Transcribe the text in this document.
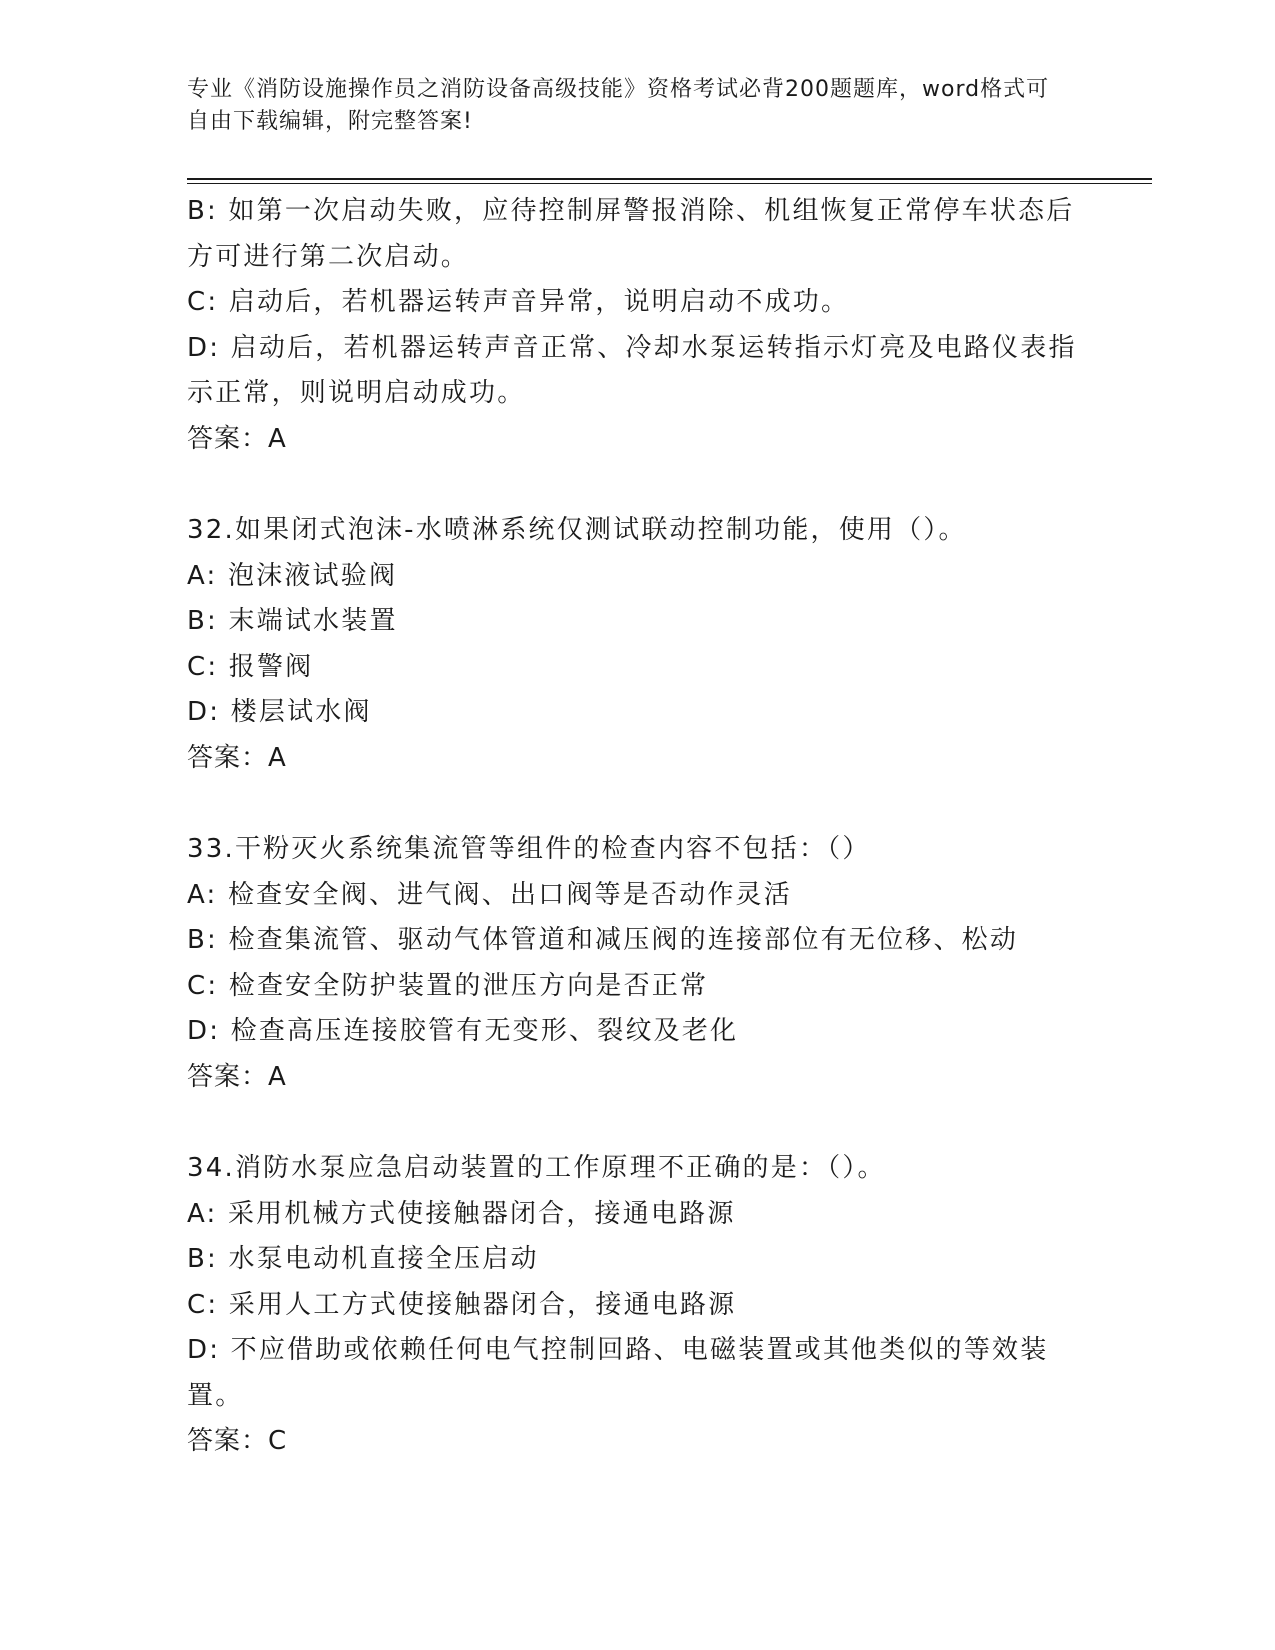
专业《消防设施操作员之消防设备高级技能》资格考试必背200题题库，word格式可自由下载编辑，附完整答案!

B: 如第一次启动失败，应待控制屏警报消除、机组恢复正常停车状态后方可进行第二次启动。

C: 启动后，若机器运转声音异常，说明启动不成功。

D: 启动后，若机器运转声音正常、冷却水泵运转指示灯亮及电路仪表指示正常，则说明启动成功。

答案：A

32.如果闭式泡沫-水喷淋系统仅测试联动控制功能，使用（）。

A: 泡沫液试验阀

B: 末端试水装置

C: 报警阀

D: 楼层试水阀

答案：A

33.干粉灭火系统集流管等组件的检查内容不包括：（）

A: 检查安全阀、进气阀、出口阀等是否动作灵活

B: 检查集流管、驱动气体管道和减压阀的连接部位有无位移、松动

C: 检查安全防护装置的泄压方向是否正常

D: 检查高压连接胶管有无变形、裂纹及老化

答案：A

34.消防水泵应急启动装置的工作原理不正确的是：（）。

A: 采用机械方式使接触器闭合，接通电路源

B: 水泵电动机直接全压启动

C: 采用人工方式使接触器闭合，接通电路源

D: 不应借助或依赖任何电气控制回路、电磁装置或其他类似的等效装置。

答案：C
